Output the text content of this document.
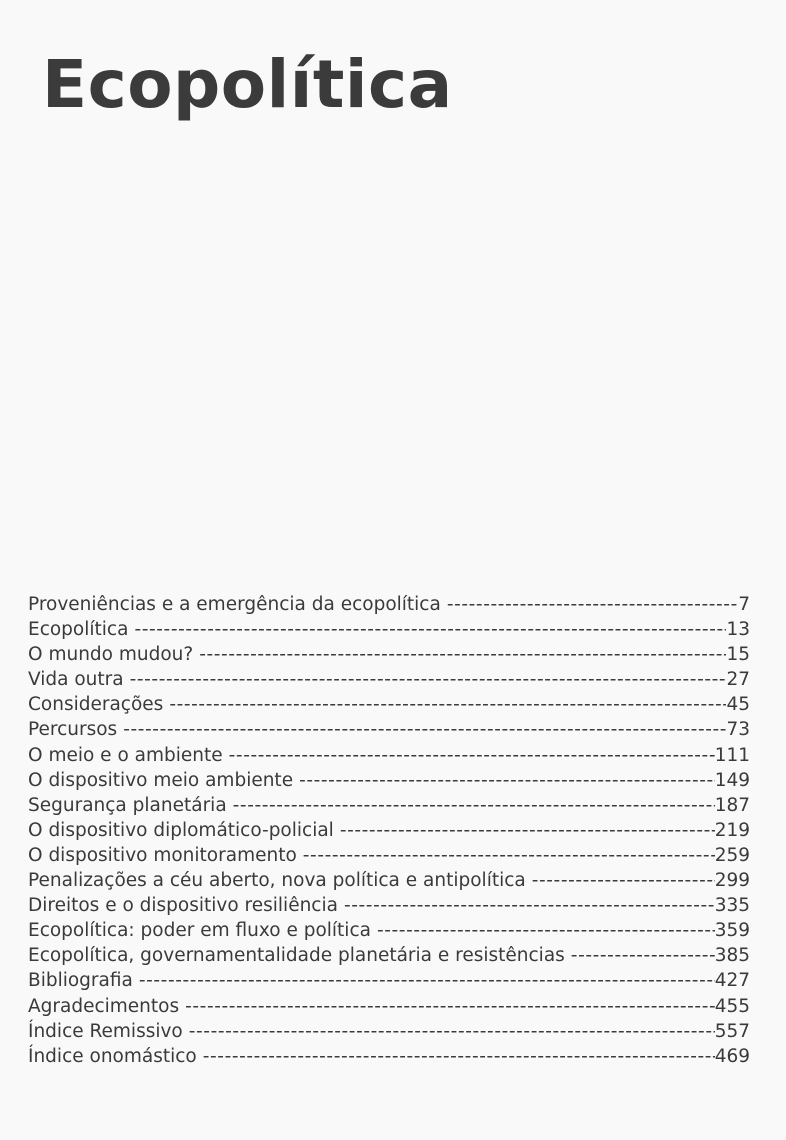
Ecopolítica
Proveniências e a emergência da ecopolítica -----	7
Ecopolítica -----	13
O mundo mudou? -----	15
Vida outra -----	27
Considerações -----	45
Percursos -----	73
O meio e o ambiente -----	111
O dispositivo meio ambiente -----	149
Segurança planetária -----	187
O dispositivo diplomático-policial -----	219
O dispositivo monitoramento -----	259
Penalizações a céu aberto, nova política e antipolítica -----	299
Direitos e o dispositivo resiliência -----	335
Ecopolítica: poder em fluxo e política -----	359
Ecopolítica, governamentalidade planetária e resistências -----	385
Bibliografia -----	427
Agradecimentos -----	455
Índice Remissivo -----	557
Índice onomástico -----	469
